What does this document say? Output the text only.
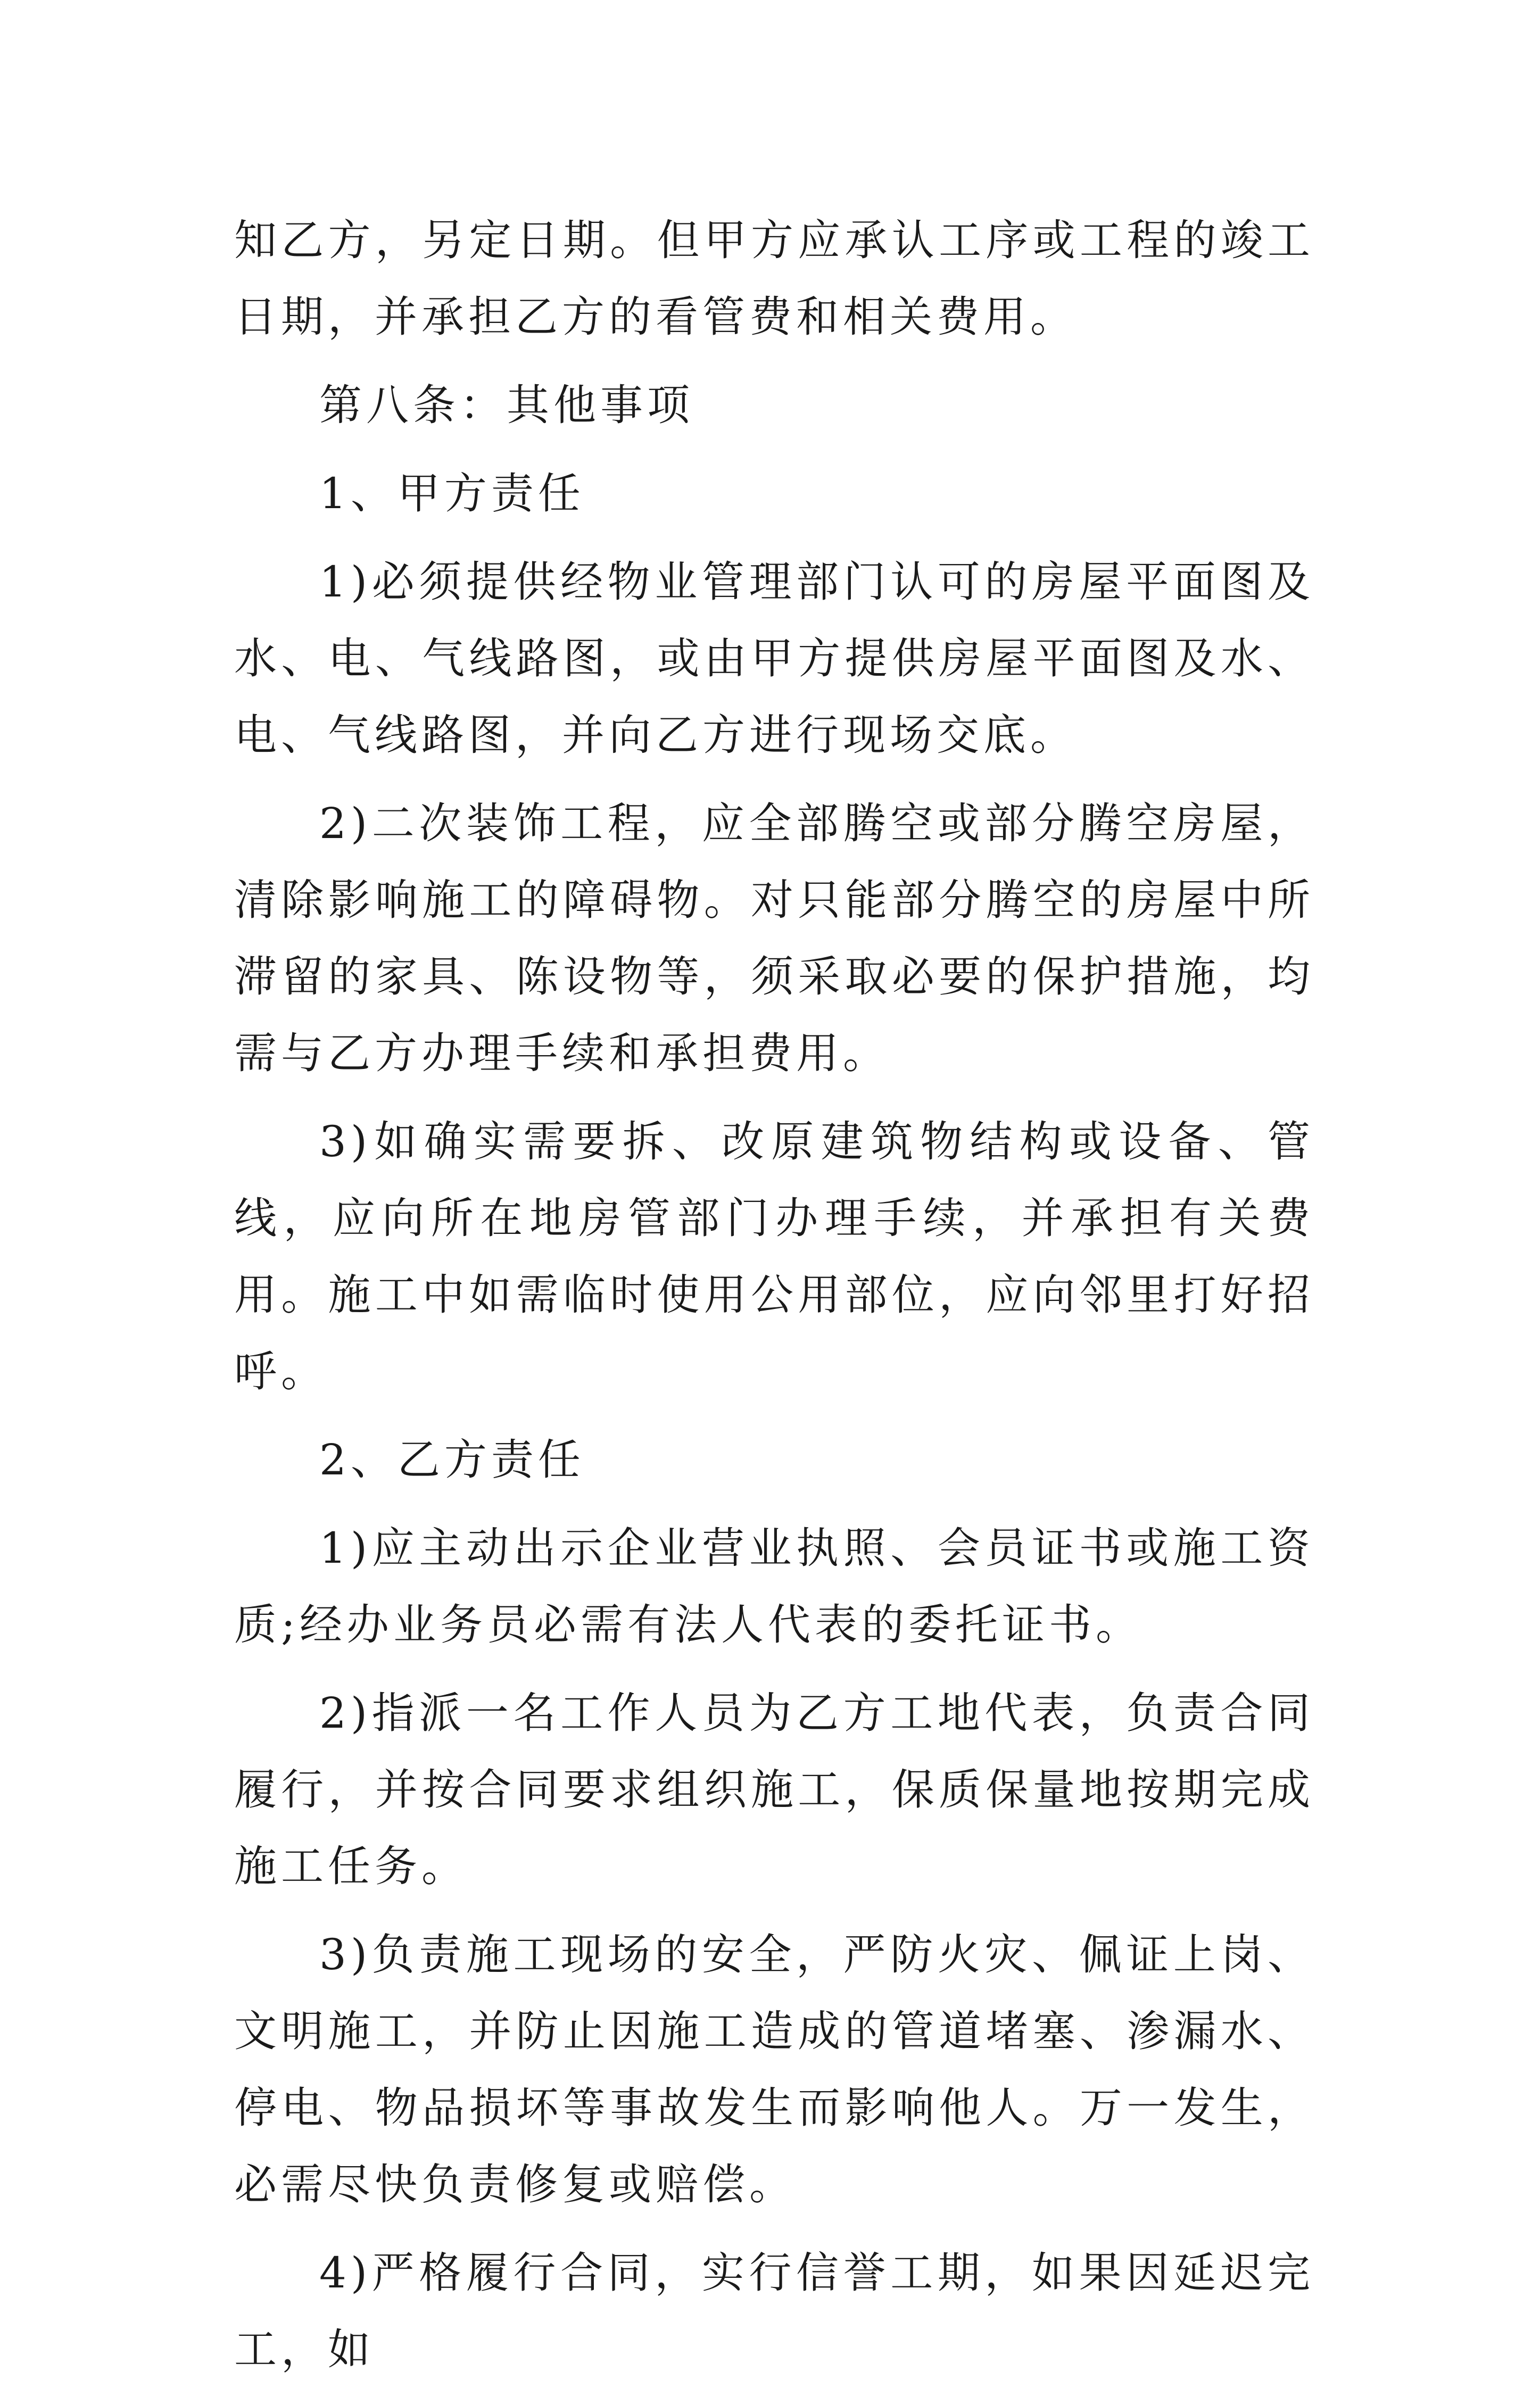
知乙方，另定日期。但甲方应承认工序或工程的竣工日期，并承担乙方的看管费和相关费用。

第八条：其他事项

1、甲方责任

1)必须提供经物业管理部门认可的房屋平面图及水、电、气线路图，或由甲方提供房屋平面图及水、电、气线路图，并向乙方进行现场交底。

2)二次装饰工程，应全部腾空或部分腾空房屋，清除影响施工的障碍物。对只能部分腾空的房屋中所滞留的家具、陈设物等，须采取必要的保护措施，均需与乙方办理手续和承担费用。

3)如确实需要拆、改原建筑物结构或设备、管线，应向所在地房管部门办理手续，并承担有关费用。施工中如需临时使用公用部位，应向邻里打好招呼。

2、乙方责任

1)应主动出示企业营业执照、会员证书或施工资质;经办业务员必需有法人代表的委托证书。

2)指派一名工作人员为乙方工地代表，负责合同履行，并按合同要求组织施工，保质保量地按期完成施工任务。

3)负责施工现场的安全，严防火灾、佩证上岗、文明施工，并防止因施工造成的管道堵塞、渗漏水、停电、物品损坏等事故发生而影响他人。万一发生，必需尽快负责修复或赔偿。

4)严格履行合同，实行信誉工期，如果因延迟完工，如
